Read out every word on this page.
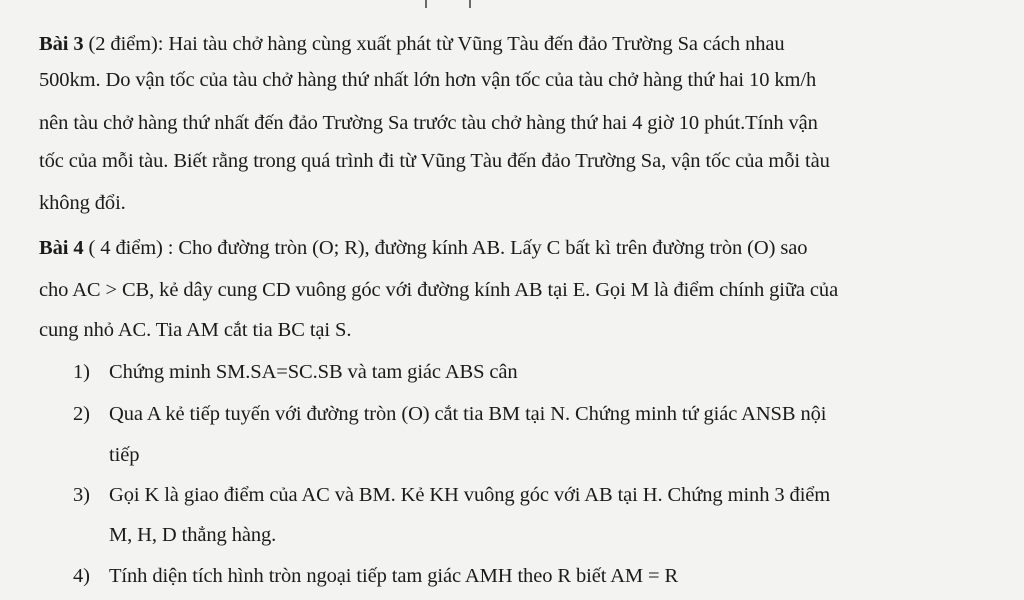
Bài 3 (2 điểm): Hai tàu chở hàng cùng xuất phát từ Vũng Tàu đến đảo Trường Sa cách nhau
500km. Do vận tốc của tàu chở hàng thứ nhất lớn hơn vận tốc của tàu chở hàng thứ hai 10 km/h
nên tàu chở hàng thứ nhất đến đảo Trường Sa trước tàu chở hàng thứ hai 4 giờ 10 phút.Tính vận
tốc của mỗi tàu. Biết rằng trong quá trình đi từ Vũng Tàu đến đảo Trường Sa, vận tốc của mỗi tàu
không đổi.
Bài 4 ( 4 điểm) : Cho đường tròn (O; R), đường kính AB. Lấy C bất kì trên đường tròn (O) sao
cho AC > CB, kẻ dây cung CD vuông góc với đường kính AB tại E. Gọi M là điểm chính giữa của
cung nhỏ AC. Tia AM cắt tia BC tại S.
1) Chứng minh SM.SA=SC.SB và tam giác ABS cân
2) Qua A kẻ tiếp tuyến với đường tròn (O) cắt tia BM tại N. Chứng minh tứ giác ANSB nội
tiếp
3) Gọi K là giao điểm của AC và BM. Kẻ KH vuông góc với AB tại H. Chứng minh 3 điểm
M, H, D thẳng hàng.
4) Tính diện tích hình tròn ngoại tiếp tam giác AMH theo R biết AM = R
